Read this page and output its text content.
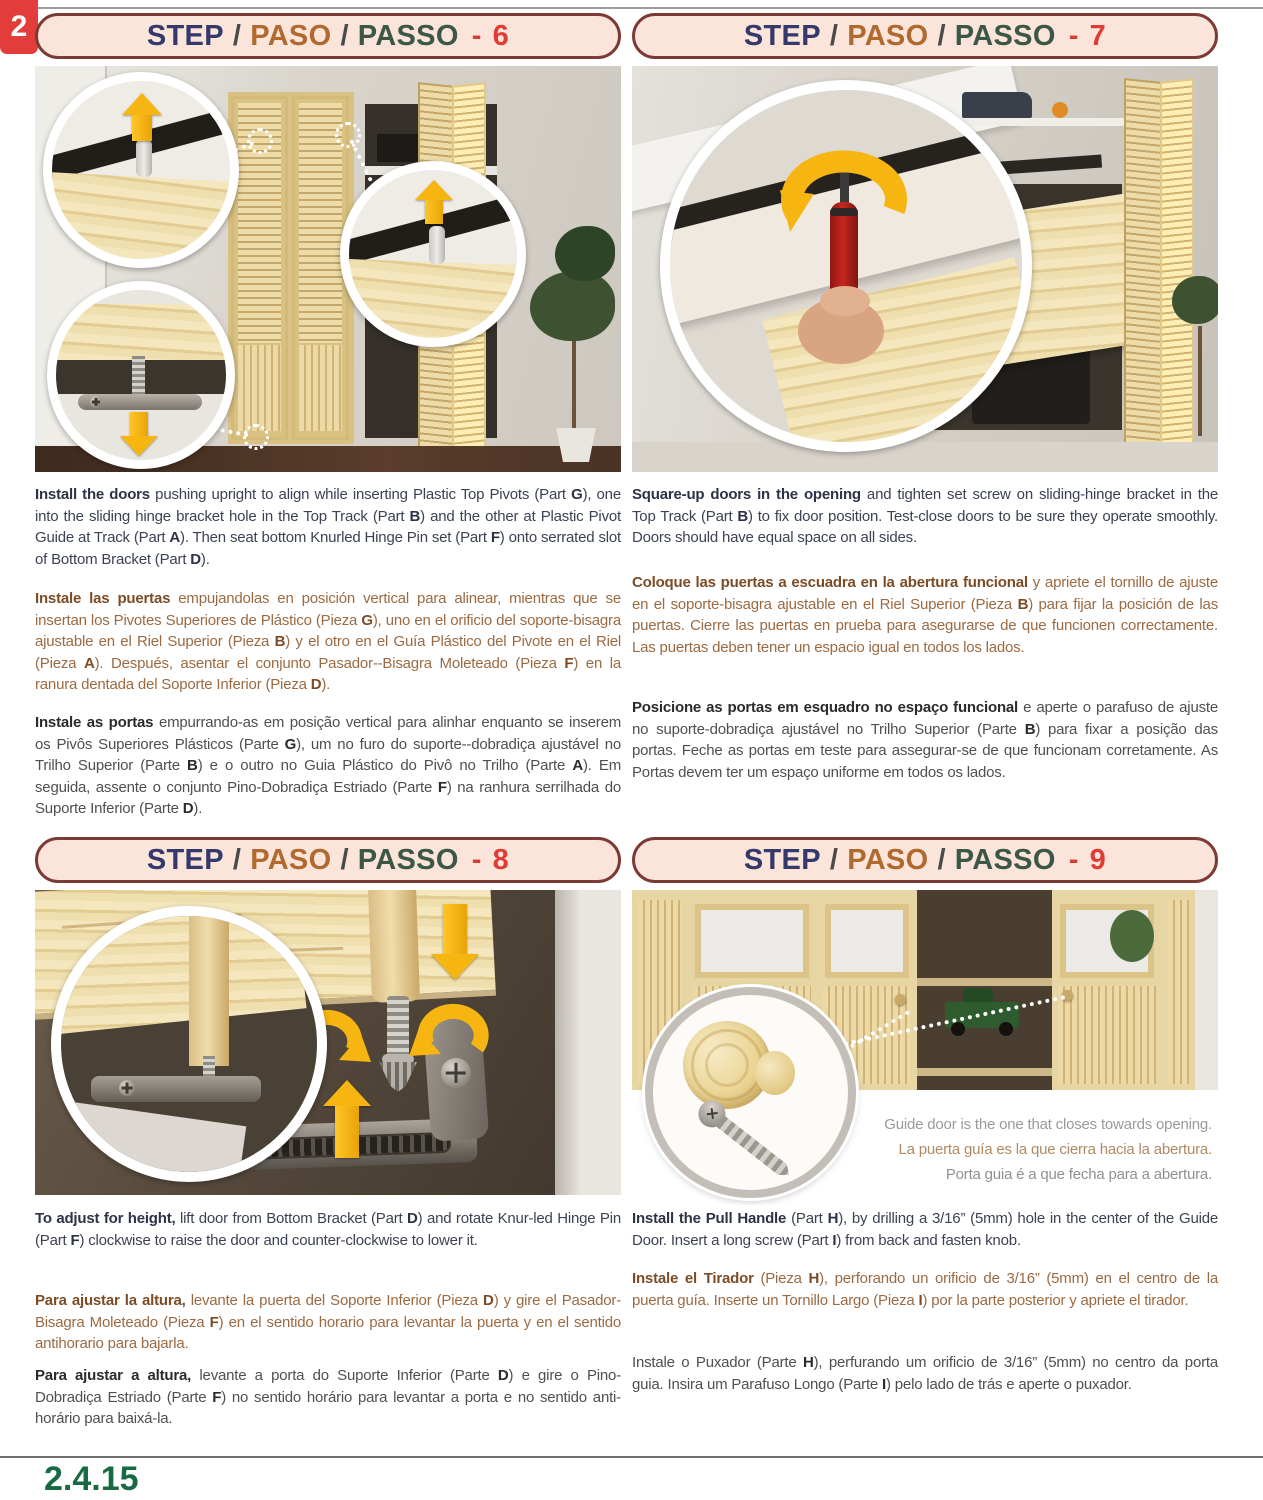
2	STEP / PASO / PASSO - 6

Install the doors pushing upright to align while inserting Plastic Top Pivots (Part G), one into the sliding hinge bracket hole in the Top Track (Part B) and the other at Plastic Pivot Guide at Track (Part A). Then seat bottom Knurled Hinge Pin set (Part F) onto serrated slot of Bottom Bracket (Part D).

Instale las puertas empujandolas en posición vertical para alinear, mientras que se insertan los Pivotes Superiores de Plástico (Pieza G), uno en el orificio del soporte-bisagra ajustable en el Riel Superior (Pieza B) y el otro en el Guía Plástico del Pivote en el Riel (Pieza A). Después, asentar el conjunto Pasador--Bisagra Moleteado (Pieza F) en la ranura dentada del Soporte Inferior (Pieza D).

Instale as portas empurrando-as em posição vertical para alinhar enquanto se inserem os Pivôs Superiores Plásticos (Parte G), um no furo do suporte--dobradiça ajustável no Trilho Superior (Parte B) e o outro no Guia Plástico do Pivô no Trilho (Parte A). Em seguida, assente o conjunto Pino-Dobradiça Estriado (Parte F) na ranhura serrilhada do Suporte Inferior (Parte D).

STEP / PASO / PASSO - 7

Square-up doors in the opening and tighten set screw on sliding-hinge bracket in the Top Track (Part B) to fix door position. Test-close doors to be sure they operate smoothly. Doors should have equal space on all sides.

Coloque las puertas a escuadra en la abertura funcional y apriete el tornillo de ajuste en el soporte-bisagra ajustable en el Riel Superior (Pieza B) para fijar la posición de las puertas. Cierre las puertas en prueba para asegurarse de que funcionen correctamente. Las puertas deben tener un espacio igual en todos los lados.

Posicione as portas em esquadro no espaço funcional e aperte o parafuso de ajuste no suporte-dobradiça ajustável no Trilho Superior (Parte B) para fixar a posição das portas. Feche as portas em teste para assegurar-se de que funcionam corretamente. As Portas devem ter um espaço uniforme em todos os lados.

STEP / PASO / PASSO - 8

To adjust for height, lift door from Bottom Bracket (Part D) and rotate Knur-led Hinge Pin (Part F) clockwise to raise the door and counter-clockwise to lower it.

Para ajustar la altura, levante la puerta del Soporte Inferior (Pieza D) y gire el Pasador-Bisagra Moleteado (Pieza F) en el sentido horario para levantar la puerta y en el sentido antihorario para bajarla.

Para ajustar a altura, levante a porta do Suporte Inferior (Parte D) e gire o Pino-Dobradiça Estriado (Parte F) no sentido horário para levantar a porta e no sentido anti-horário para baixá-la.

STEP / PASO / PASSO - 9
✕
Guide door is the one that closes towards opening.
La puerta guía es la que cierra hacia la abertura.
Porta guia é a que fecha para a abertura.

Install the Pull Handle (Part H), by drilling a 3/16” (5mm) hole in the center of the Guide Door. Insert a long screw (Part I) from back and fasten knob.

Instale el Tirador (Pieza H), perforando un orificio de 3/16” (5mm) en el centro de la puerta guía. Inserte un Tornillo Largo (Pieza I) por la parte posterior y apriete el tirador.

Instale o Puxador (Parte H), perfurando um orificio de 3/16” (5mm) no centro da porta guia. Insira um Parafuso Longo (Parte I) pelo lado de trás e aperte o puxador.

2.4.15
